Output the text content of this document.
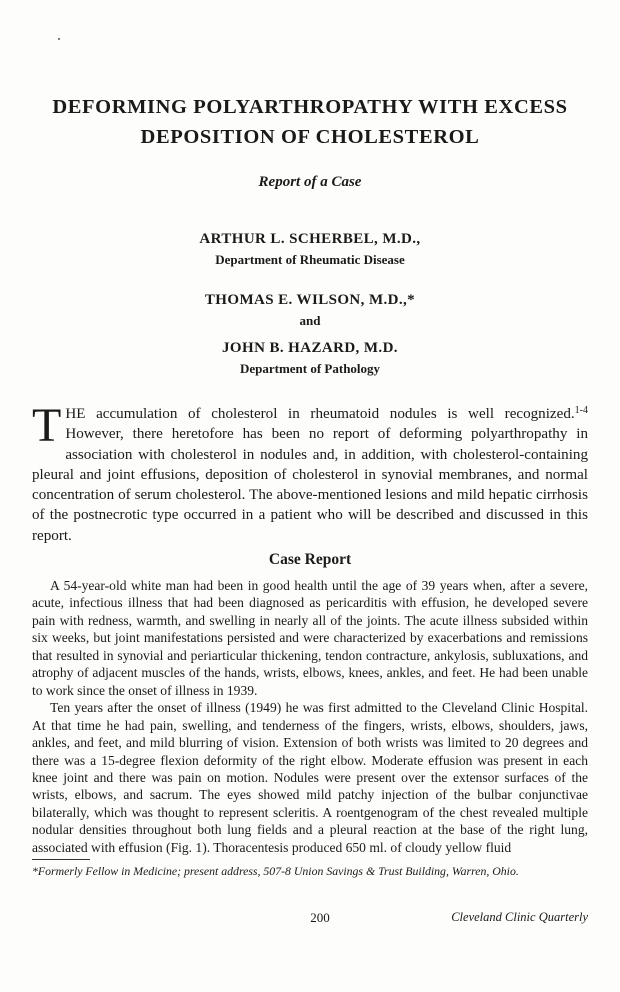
DEFORMING POLYARTHROPATHY WITH EXCESS
DEPOSITION OF CHOLESTEROL

Report of a Case

ARTHUR L. SCHERBEL, M.D.,

Department of Rheumatic Disease

THOMAS E. WILSON, M.D.,*

and

JOHN B. HAZARD, M.D.

Department of Pathology

THE accumulation of cholesterol in rheumatoid nodules is well recognized.$^{1-4}$ However, there heretofore has been no report of deforming polyarthropathy in association with cholesterol in nodules and, in addition, with cholesterol-containing pleural and joint effusions, deposition of cholesterol in synovial membranes, and normal concentration of serum cholesterol. The above-mentioned lesions and mild hepatic cirrhosis of the postnecrotic type occurred in a patient who will be described and discussed in this report.

Case Report

A 54-year-old white man had been in good health until the age of 39 years when, after a severe, acute, infectious illness that had been diagnosed as pericarditis with effusion, he developed severe pain with redness, warmth, and swelling in nearly all of the joints. The acute illness subsided within six weeks, but joint manifestations persisted and were characterized by exacerbations and remissions that resulted in synovial and periarticular thickening, tendon contracture, ankylosis, subluxations, and atrophy of adjacent muscles of the hands, wrists, elbows, knees, ankles, and feet. He had been unable to work since the onset of illness in 1939.

Ten years after the onset of illness (1949) he was first admitted to the Cleveland Clinic Hospital. At that time he had pain, swelling, and tenderness of the fingers, wrists, elbows, shoulders, jaws, ankles, and feet, and mild blurring of vision. Extension of both wrists was limited to 20 degrees and there was a 15-degree flexion deformity of the right elbow. Moderate effusion was present in each knee joint and there was pain on motion. Nodules were present over the extensor surfaces of the wrists, elbows, and sacrum. The eyes showed mild patchy injection of the bulbar conjunctivae bilaterally, which was thought to represent scleritis. A roentgenogram of the chest revealed multiple nodular densities throughout both lung fields and a pleural reaction at the base of the right lung, associated with effusion (Fig. 1). Thoracentesis produced 650 ml. of cloudy yellow fluid

*Formerly Fellow in Medicine; present address, 507-8 Union Savings & Trust Building, Warren, Ohio.

200	Cleveland Clinic Quarterly
